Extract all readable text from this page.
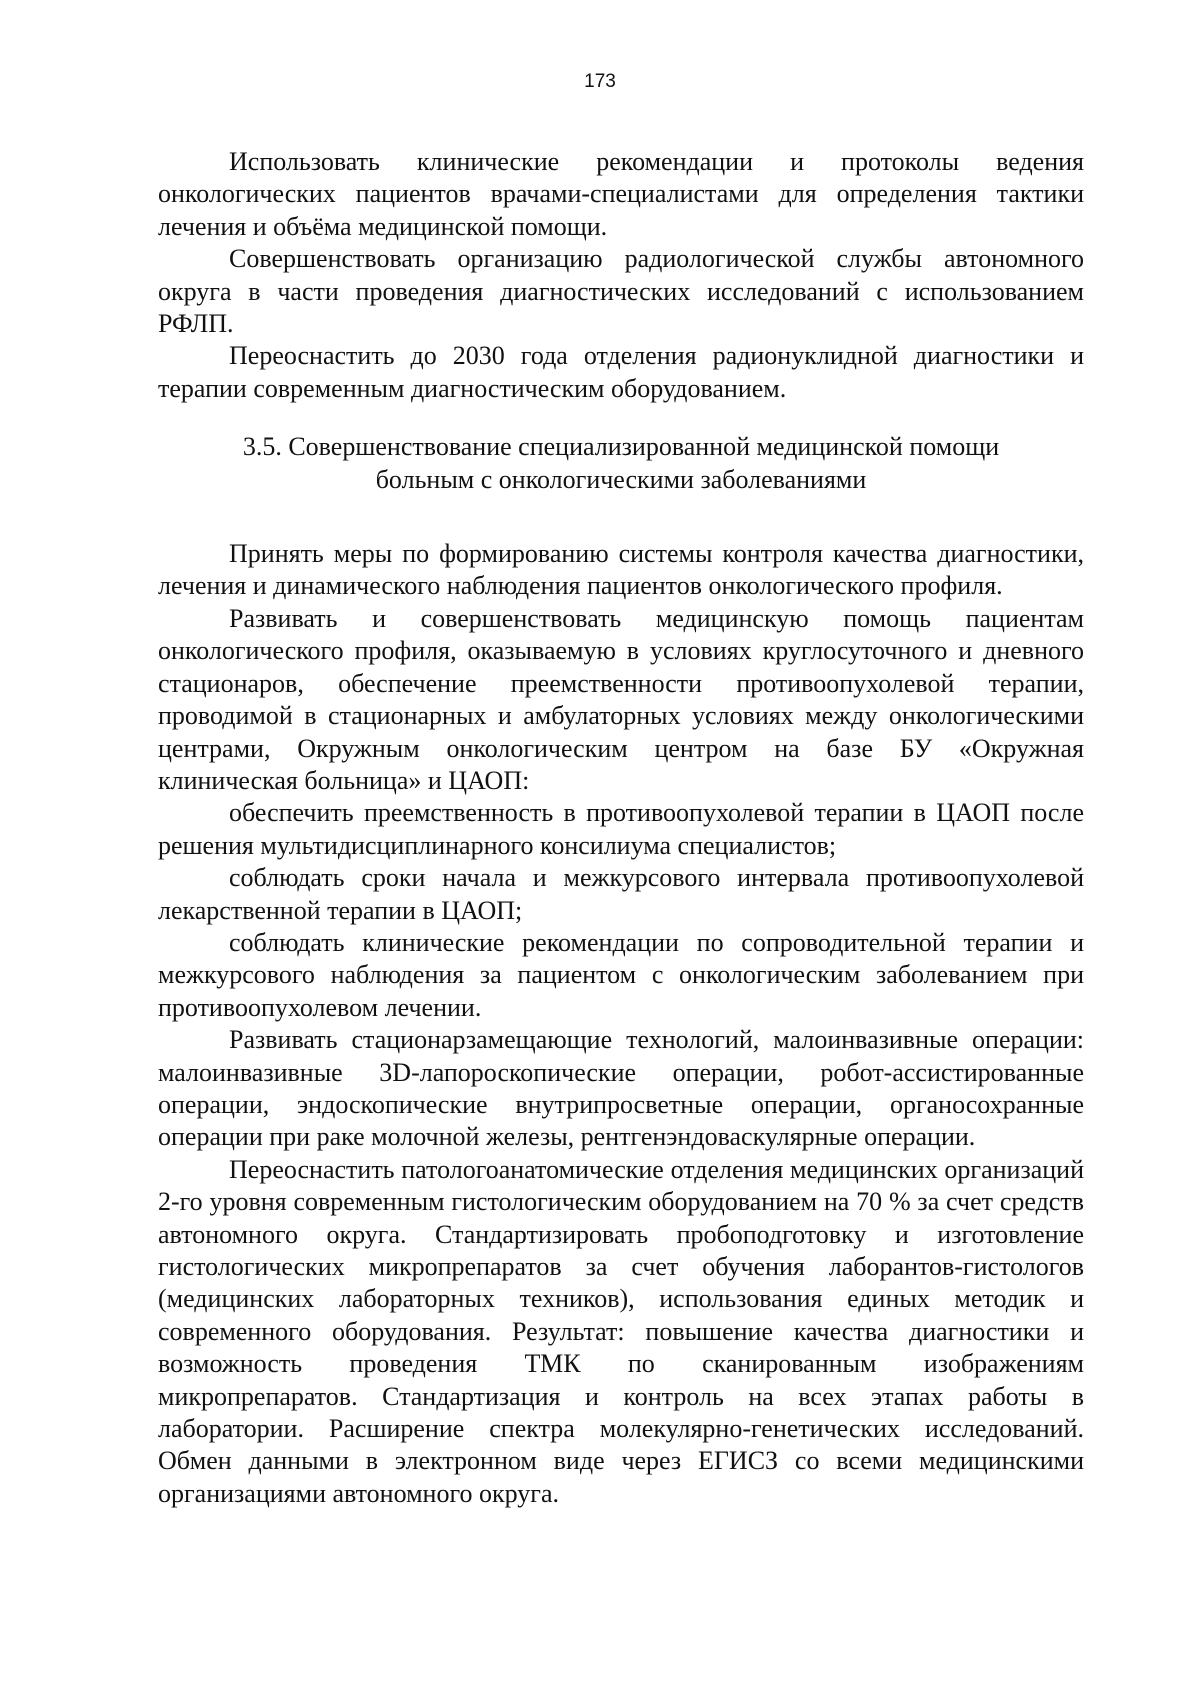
173

Использовать клинические рекомендации и протоколы ведения онкологических пациентов врачами-специалистами для определения тактики лечения и объёма медицинской помощи.

Совершенствовать организацию радиологической службы автономного округа в части проведения диагностических исследований с использованием РФЛП.

Переоснастить до 2030 года отделения радионуклидной диагностики и терапии современным диагностическим оборудованием.

3.5. Совершенствование специализированной медицинской помощи
больным с онкологическими заболеваниями

Принять меры по формированию системы контроля качества диагностики, лечения и динамического наблюдения пациентов онкологического профиля.

Развивать и совершенствовать медицинскую помощь пациентам онкологического профиля, оказываемую в условиях круглосуточного и дневного стационаров, обеспечение преемственности противоопухолевой терапии, проводимой в стационарных и амбулаторных условиях между онкологическими центрами, Окружным онкологическим центром на базе БУ «Окружная клиническая больница» и ЦАОП:

обеспечить преемственность в противоопухолевой терапии в ЦАОП после решения мультидисциплинарного консилиума специалистов;

соблюдать сроки начала и межкурсового интервала противоопухолевой лекарственной терапии в ЦАОП;

соблюдать клинические рекомендации по сопроводительной терапии и межкурсового наблюдения за пациентом с онкологическим заболеванием при противоопухолевом лечении.

Развивать стационарзамещающие технологий, малоинвазивные операции: малоинвазивные 3D-лапороскопические операции, робот-ассистированные операции, эндоскопические внутрипросветные операции, органосохранные операции при раке молочной железы, рентгенэндоваскулярные операции.

Переоснастить патологоанатомические отделения медицинских организаций 2-го уровня современным гистологическим оборудованием на 70 % за счет средств автономного округа. Стандартизировать пробоподготовку и изготовление гистологических микропрепаратов за счет обучения лаборантов-гистологов (медицинских лабораторных техников), использования единых методик и современного оборудования. Результат: повышение качества диагностики и возможность проведения ТМК по сканированным изображениям микропрепаратов. Стандартизация и контроль на всех этапах работы в лаборатории. Расширение спектра молекулярно-генетических исследований. Обмен данными в электронном виде через ЕГИСЗ со всеми медицинскими организациями автономного округа.
